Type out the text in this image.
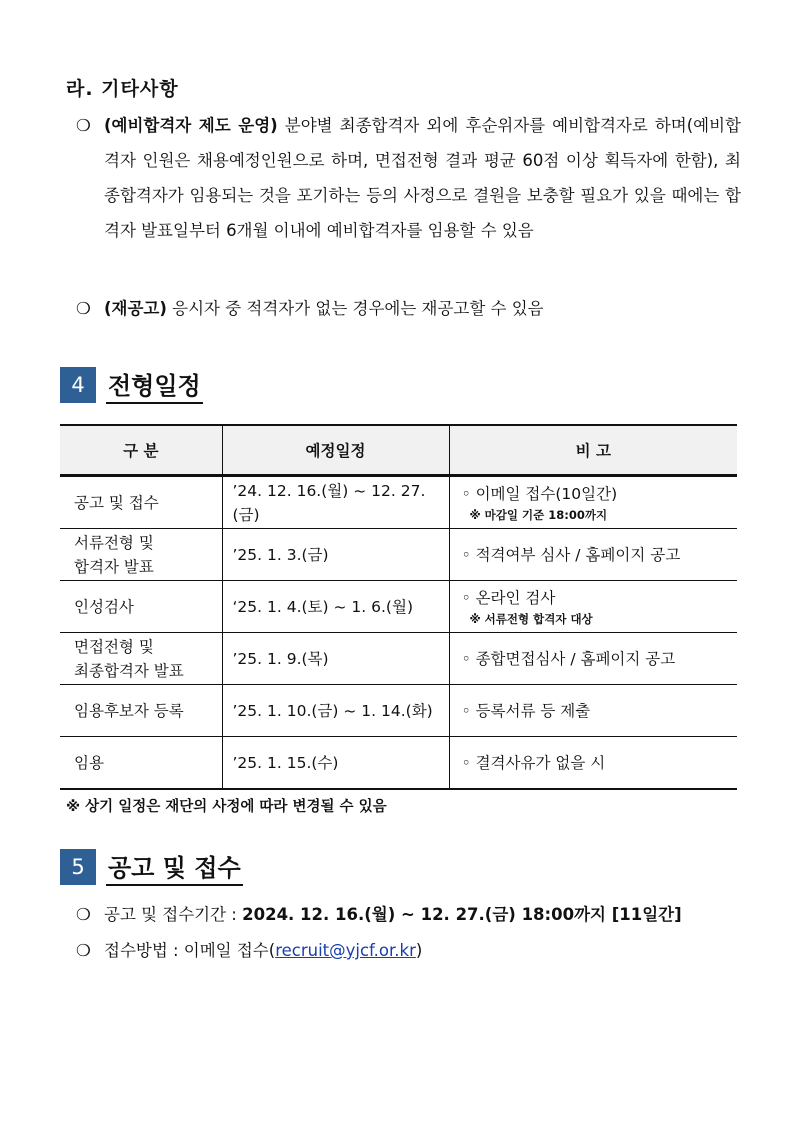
라. 기타사항
❍ (예비합격자 제도 운영) 분야별 최종합격자 외에 후순위자를 예비합격자로 하며(예비합격자 인원은 채용예정인원으로 하며, 면접전형 결과 평균 60점 이상 획득자에 한함), 최종합격자가 임용되는 것을 포기하는 등의 사정으로 결원을 보충할 필요가 있을 때에는 합격자 발표일부터 6개월 이내에 예비합격자를 임용할 수 있음
❍ (재공고) 응시자 중 적격자가 없는 경우에는 재공고할 수 있음
4 전형일정
구 분	예정일정	비 고
공고 및 접수	’24. 12. 16.(월) ~ 12. 27.(금)	◦ 이메일 접수(10일간)
※ 마감일 기준 18:00까지

서류전형 및
합격자 발표	’25. 1. 3.(금)	◦ 적격여부 심사 / 홈페이지 공고
인성검사	‘25. 1. 4.(토) ~ 1. 6.(월)	◦ 온라인 검사
※ 서류전형 합격자 대상

면접전형 및
최종합격자 발표	’25. 1. 9.(목)	◦ 종합면접심사 / 홈페이지 공고
임용후보자 등록	’25. 1. 10.(금) ~ 1. 14.(화)	◦ 등록서류 등 제출
임용	’25. 1. 15.(수)	◦ 결격사유가 없을 시
※ 상기 일정은 재단의 사정에 따라 변경될 수 있음
5 공고 및 접수
❍ 공고 및 접수기간 : 2024. 12. 16.(월) ~ 12. 27.(금) 18:00까지 [11일간]
❍ 접수방법 : 이메일 접수(recruit@yjcf.or.kr)
